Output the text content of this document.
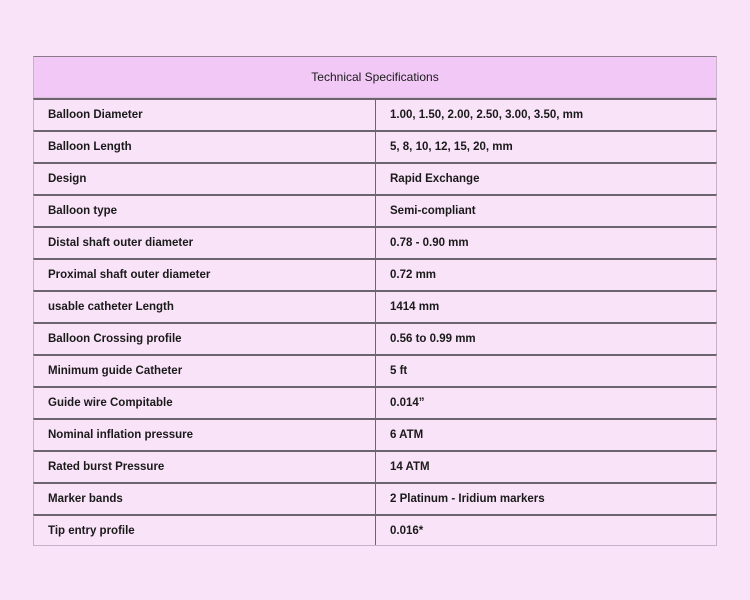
Technical Specifications
Balloon Diameter	1.00, 1.50, 2.00, 2.50, 3.00, 3.50, mm
Balloon Length	5, 8, 10, 12, 15, 20, mm
Design	Rapid Exchange
Balloon type	Semi-compliant
Distal shaft outer diameter	0.78 - 0.90 mm
Proximal shaft outer diameter	0.72 mm
usable catheter Length	1414 mm
Balloon Crossing profile	0.56 to 0.99 mm
Minimum guide Catheter	5 ft
Guide wire Compitable	0.014”
Nominal inflation pressure	6 ATM
Rated burst Pressure	14 ATM
Marker bands	2 Platinum - Iridium markers
Tip entry profile	0.016*
